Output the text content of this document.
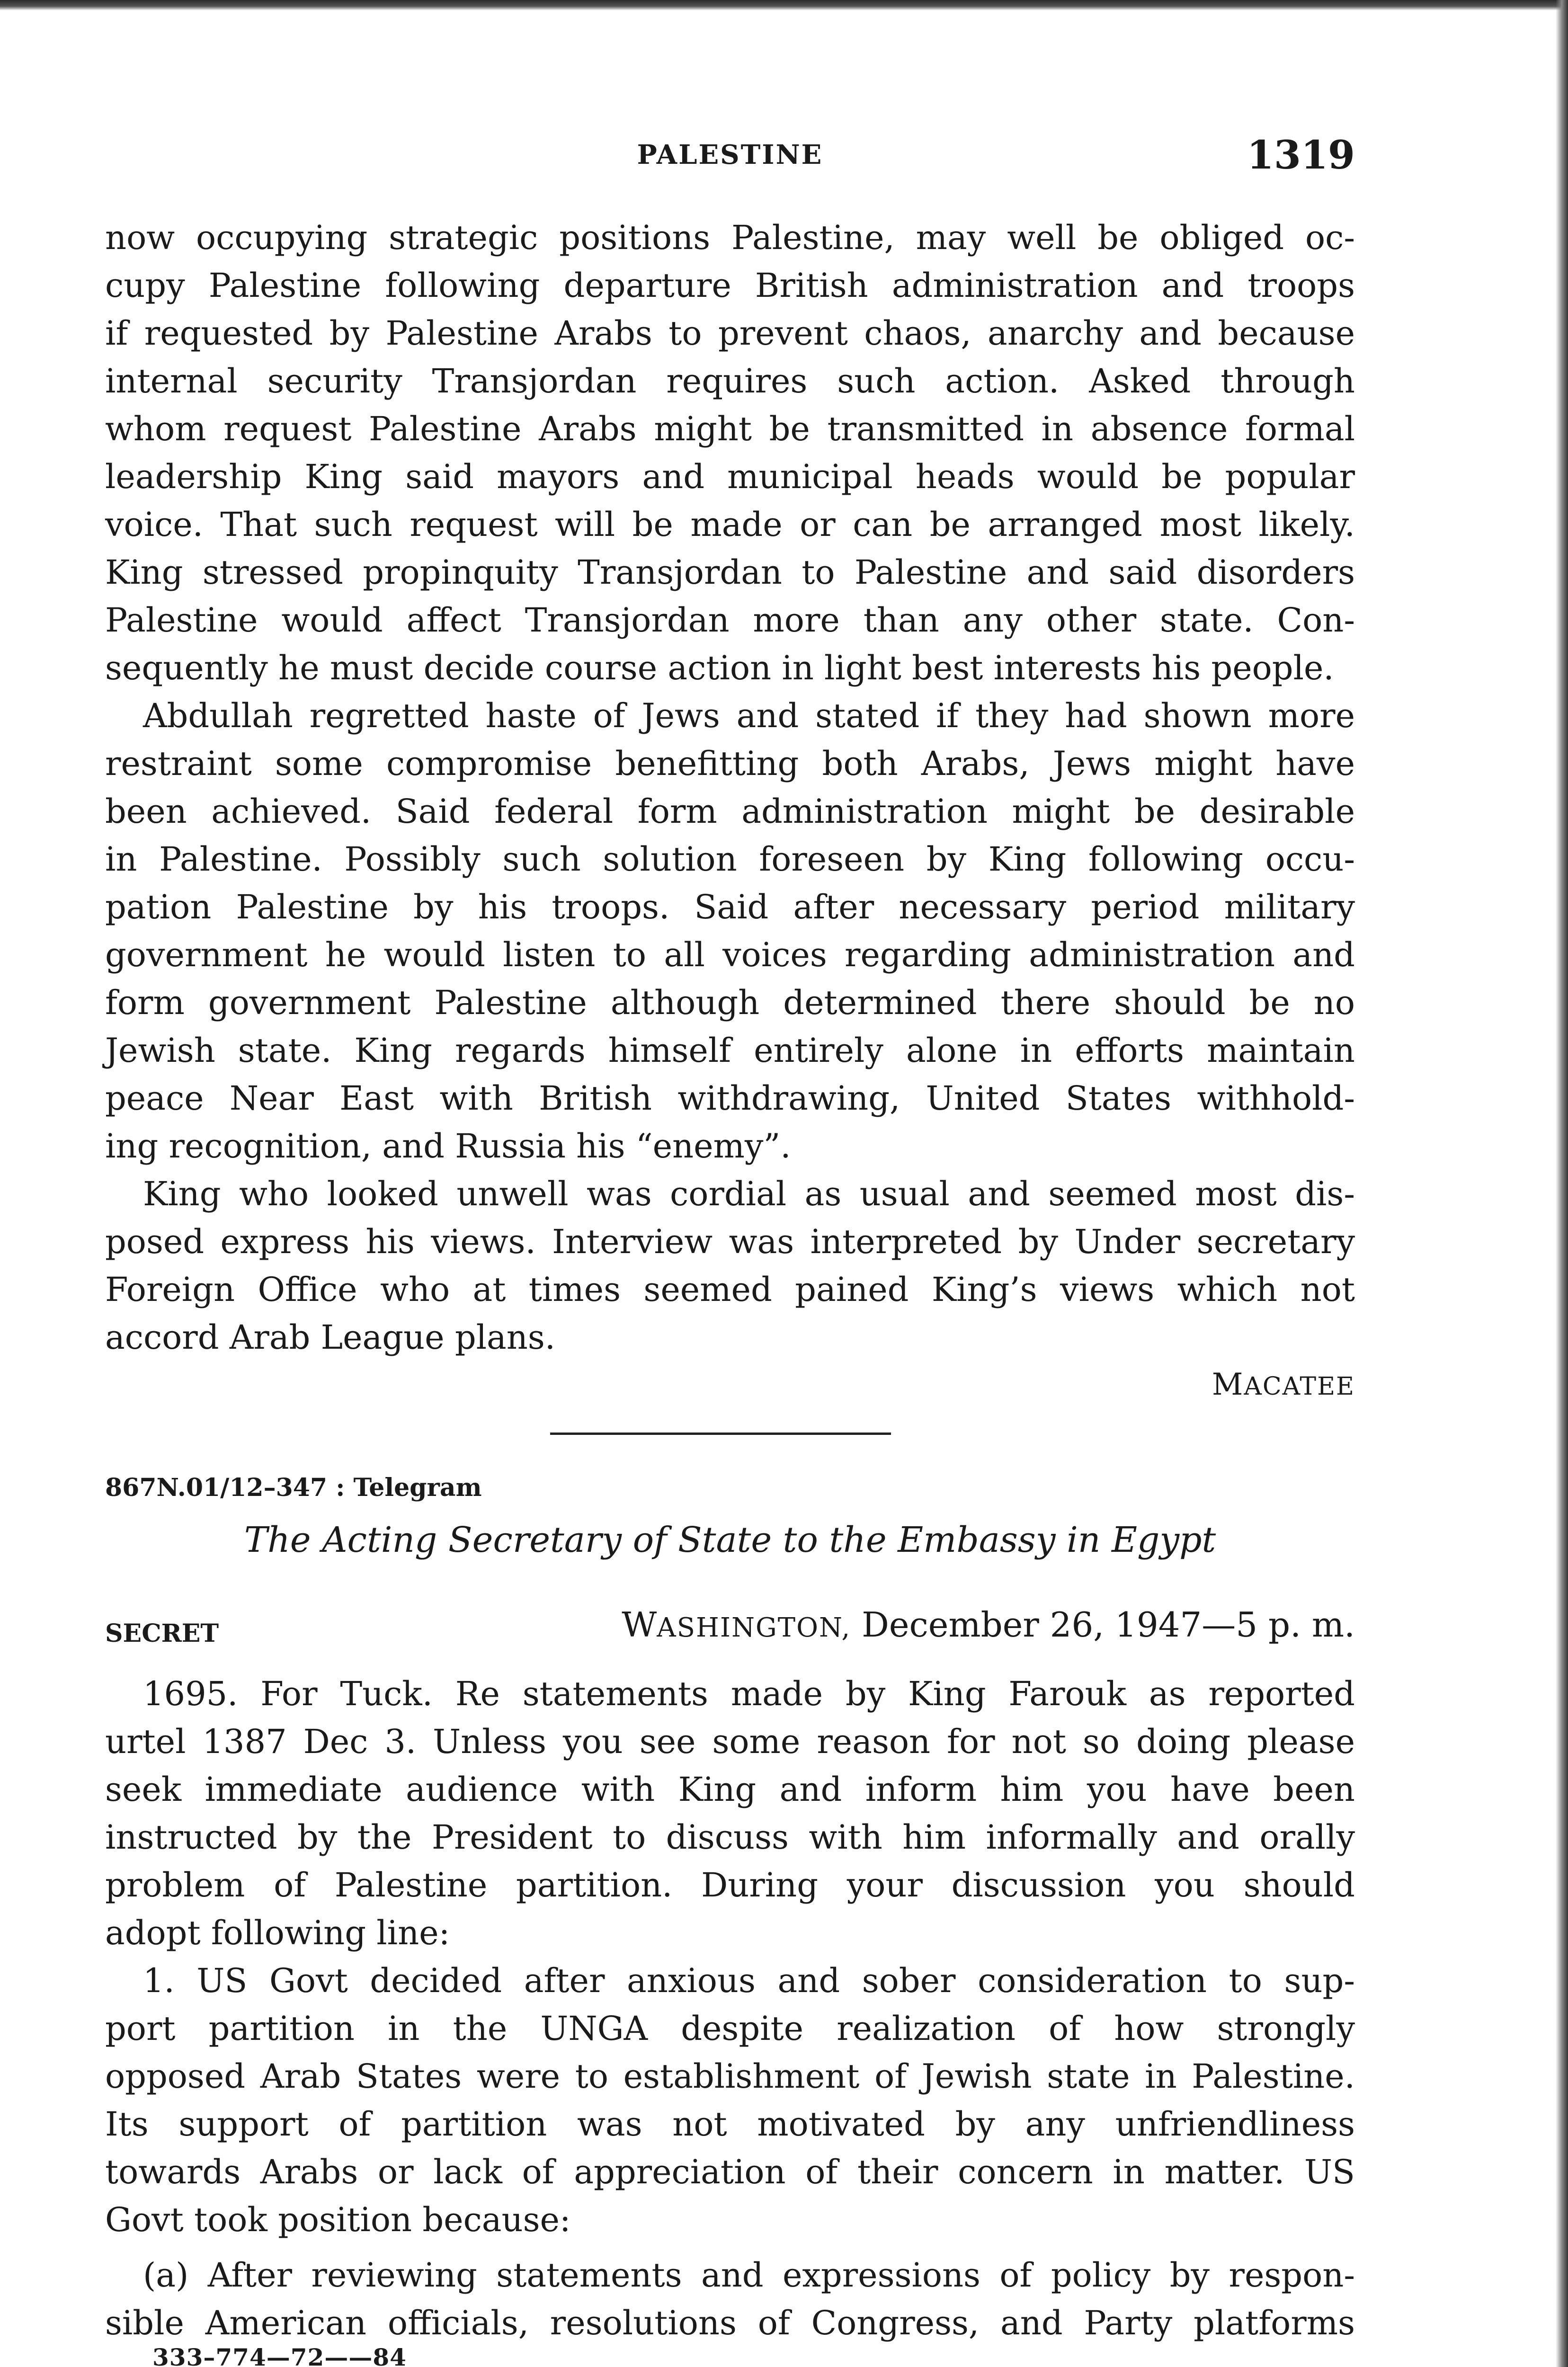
PALESTINE	1319
now occupying strategic positions Palestine, may well be obliged oc-
cupy Palestine following departure British administration and troops
if requested by Palestine Arabs to prevent chaos, anarchy and because
internal security Transjordan requires such action. Asked through
whom request Palestine Arabs might be transmitted in absence formal
leadership King said mayors and municipal heads would be popular
voice. That such request will be made or can be arranged most likely.
King stressed propinquity Transjordan to Palestine and said disorders
Palestine would affect Transjordan more than any other state. Con-
sequently he must decide course action in light best interests his people.
Abdullah regretted haste of Jews and stated if they had shown more
restraint some compromise benefitting both Arabs, Jews might have
been achieved. Said federal form administration might be desirable
in Palestine. Possibly such solution foreseen by King following occu-
pation Palestine by his troops. Said after necessary period military
government he would listen to all voices regarding administration and
form government Palestine although determined there should be no
Jewish state. King regards himself entirely alone in efforts maintain
peace Near East with British withdrawing, United States withhold-
ing recognition, and Russia his “enemy”.
King who looked unwell was cordial as usual and seemed most dis-
posed express his views. Interview was interpreted by Under secretary
Foreign Office who at times seemed pained King’s views which not
accord Arab League plans.
MACATEE
867N.01/12–347 : Telegram
The Acting Secretary of State to the Embassy in Egypt
SECRET	WASHINGTON, December 26, 1947—5 p. m.
1695. For Tuck. Re statements made by King Farouk as reported
urtel 1387 Dec 3. Unless you see some reason for not so doing please
seek immediate audience with King and inform him you have been
instructed by the President to discuss with him informally and orally
problem of Palestine partition. During your discussion you should
adopt following line:
1. US Govt decided after anxious and sober consideration to sup-
port partition in the UNGA despite realization of how strongly
opposed Arab States were to establishment of Jewish state in Palestine.
Its support of partition was not motivated by any unfriendliness
towards Arabs or lack of appreciation of their concern in matter. US
Govt took position because:
(a) After reviewing statements and expressions of policy by respon-
sible American officials, resolutions of Congress, and Party platforms
333–774—72——84
